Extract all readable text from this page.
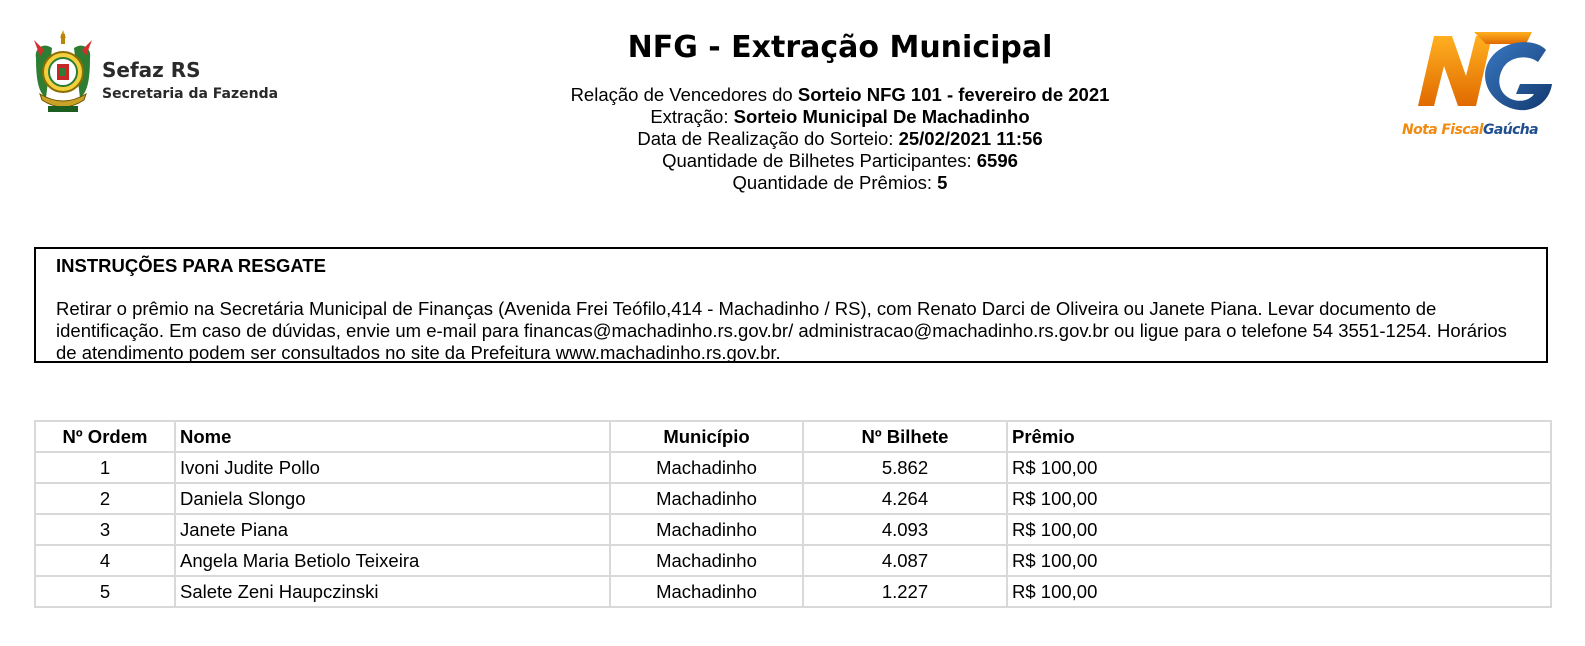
Sefaz RS
Secretaria da Fazenda
NFG - Extração Municipal
Relação de Vencedores do Sorteio NFG 101 - fevereiro de 2021
Extração: Sorteio Municipal De Machadinho
Data de Realização do Sorteio: 25/02/2021 11:56
Quantidade de Bilhetes Participantes: 6596
Quantidade de Prêmios: 5
Nota FiscalGaúcha
INSTRUÇÕES PARA RESGATE
Retirar o prêmio na Secretária Municipal de Finanças (Avenida Frei Teófilo,414 - Machadinho / RS), com Renato Darci de Oliveira ou Janete Piana. Levar documento de identificação. Em caso de dúvidas, envie um e-mail para financas@machadinho.rs.gov.br/ administracao@machadinho.rs.gov.br ou ligue para o telefone 54 3551-1254. Horários de atendimento podem ser consultados no site da Prefeitura www.machadinho.rs.gov.br.
Nº Ordem	Nome	Município	Nº Bilhete	Prêmio
1	Ivoni Judite Pollo	Machadinho	5.862	R$ 100,00
2	Daniela Slongo	Machadinho	4.264	R$ 100,00
3	Janete Piana	Machadinho	4.093	R$ 100,00
4	Angela Maria Betiolo Teixeira	Machadinho	4.087	R$ 100,00
5	Salete Zeni Haupczinski	Machadinho	1.227	R$ 100,00
